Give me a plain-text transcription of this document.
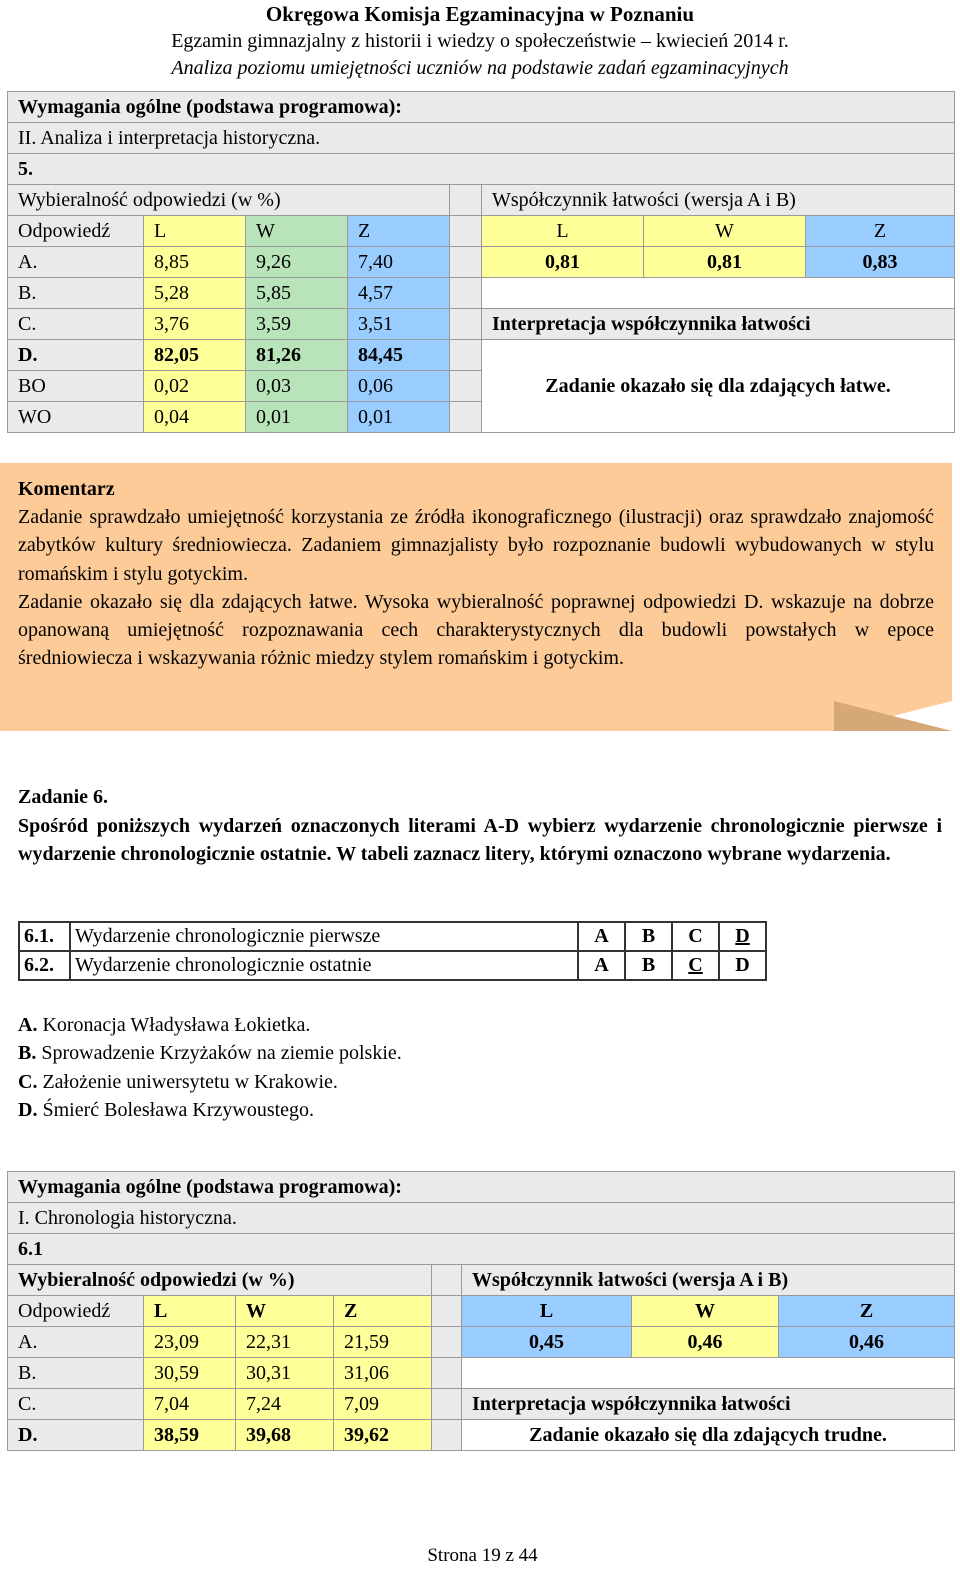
Okręgowa Komisja Egzaminacyjna w Poznaniu
Egzamin gimnazjalny z historii i wiedzy o społeczeństwie – kwiecień 2014 r.
Analiza poziomu umiejętności uczniów na podstawie zadań egzaminacyjnych
Wymagania ogólne (podstawa programowa):							
II. Analiza i interpretacja historyczna.							
5.							
Wybieralność odpowiedzi (w %)					Współczynnik łatwości (wersja A i B)		
Odpowiedź	L	W	Z		L	W	Z
A.	8,85	9,26	7,40		0,81	0,81	0,83
B.	5,28	5,85	4,57				
C.	3,76	3,59	3,51		Interpretacja współczynnika łatwości		
D.	82,05	81,26	84,45		Zadanie okazało się dla zdających łatwe.		
BO	0,02	0,03	0,06				
WO	0,04	0,01	0,01				
Komentarz
Zadanie sprawdzało umiejętność korzystania ze źródła ikonograficznego (ilustracji) oraz sprawdzało znajomość zabytków kultury średniowiecza. Zadaniem gimnazjalisty było rozpoznanie budowli wybudowanych w stylu romańskim i stylu gotyckim.
Zadanie okazało się dla zdających łatwe. Wysoka wybieralność poprawnej odpowiedzi D. wskazuje na dobrze opanowaną umiejętność rozpoznawania cech charakterystycznych dla budowli powstałych w epoce średniowiecza i wskazywania różnic miedzy stylem romańskim i gotyckim.
Zadanie 6.
Spośród poniższych wydarzeń oznaczonych literami A-D wybierz wydarzenie chronologicznie pierwsze i wydarzenie chronologicznie ostatnie. W tabeli zaznacz litery, którymi oznaczono wybrane wydarzenia.
6.1.	Wydarzenie chronologicznie pierwsze	A	B	C	D
6.2.	Wydarzenie chronologicznie ostatnie	A	B	C	D
A. Koronacja Władysława Łokietka.
B. Sprowadzenie Krzyżaków na ziemie polskie.
C. Założenie uniwersytetu w Krakowie.
D. Śmierć Bolesława Krzywoustego.
Wymagania ogólne (podstawa programowa):							
I. Chronologia historyczna.							
6.1							
Wybieralność odpowiedzi (w %)					Współczynnik łatwości (wersja A i B)		
Odpowiedź	L	W	Z		L	W	Z
A.	23,09	22,31	21,59		0,45	0,46	0,46
B.	30,59	30,31	31,06				
C.	7,04	7,24	7,09		Interpretacja współczynnika łatwości		
D.	38,59	39,68	39,62		Zadanie okazało się dla zdających trudne.		
Strona 19 z 44
